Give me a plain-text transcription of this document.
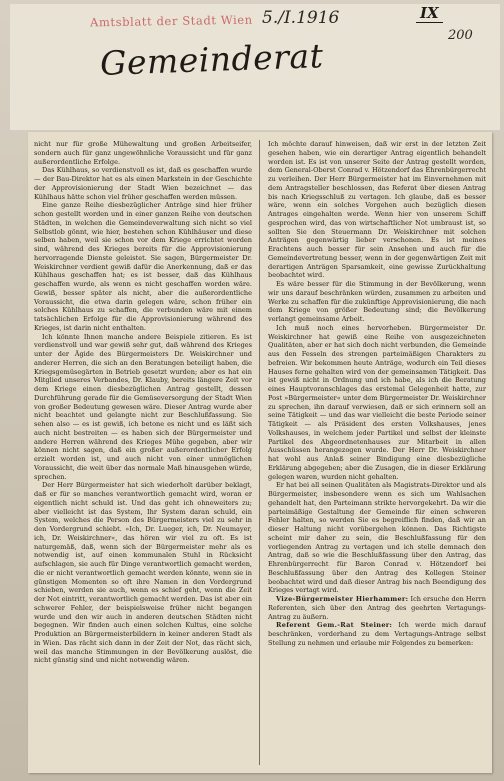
Amtsblatt der Stadt Wien 5./I.1916	IX
200
Gemeinderat

nicht nur für große Mühewaltung und großen Arbeitseifer, sondern auch für ganz ungewöhnliche Voraussicht und für ganz außerordentliche Erfolge.

Das Kühlhaus, so verdienstvoll es ist, daß es geschaffen wurde — der Bau-Direktor hat es als einen Markstein in der Geschichte der Approvisionierung der Stadt Wien bezeichnet — das Kühlhaus hätte schon viel früher geschaffen werden müssen.

Eine ganze Reihe diesbezüglicher Anträge sind hier früher schon gestellt worden und in einer ganzen Reihe von deutschen Städten, in welchen die Gemeindeverwaltung sich nicht so viel Selbstlob gönnt, wie hier, bestehen schon Kühlhäuser und diese selben haben, weil sie schon vor dem Kriege errichtet worden sind, während des Krieges bereits für die Approvisionierung hervorragende Dienste geleistet. Sie sagen, Bürgermeister Dr. Weiskirchner verdient gewiß dafür die Anerkennung, daß er das Kühlhaus geschaffen hat; es ist besser, daß das Kühlhaus geschaffen wurde, als wenn es nicht geschaffen worden wäre. Gewiß, besser später als nicht, aber die außerordentliche Voraussicht, die etwa darin gelegen wäre, schon früher ein solches Kühlhaus zu schaffen, die verbunden wäre mit einem tatsächlichen Erfolge für die Approvisionierung während des Krieges, ist darin nicht enthalten.

Ich könnte Ihnen manche andere Beispiele zitieren. Es ist verdienstvoll und war gewiß sehr gut, daß während des Krieges unter der Ägide des Bürgermeisters Dr. Weiskirchner und anderer Herren, die sich an den Beratungen beteiligt haben, die Kriegsgemüsegärten in Betrieb gesetzt wurden; aber es hat ein Mitglied unseres Verbandes, Dr. Klauby, bereits längere Zeit vor dem Kriege einen diesbezüglichen Antrag gestellt, dessen Durchführung gerade für die Gemüseversorgung der Stadt Wien von großer Bedeutung gewesen wäre. Dieser Antrag wurde aber nicht beachtet und gelangte nicht zur Beschlußfassung. Sie sehen also — es ist gewiß, ich betone es nicht und es läßt sich auch nicht bestreiten — es haben sich der Bürgermeister und andere Herren während des Krieges Mühe gegeben, aber wir können nicht sagen, daß ein großer außerordentlicher Erfolg erzielt worden ist, und auch nicht von einer unmöglichen Voraussicht, die weit über das normale Maß hinausgehen würde, sprechen.

Der Herr Bürgermeister hat sich wiederholt darüber beklagt, daß er für so manches verantwortlich gemacht wird, woran er eigentlich nicht schuld ist. Und das geht ich ohneweiters zu; aber vielleicht ist das System, Ihr System daran schuld, ein System, welches die Person des Bürgermeisters viel zu sehr in den Vordergrund schiebt. »Ich, Dr. Lueger, ich, Dr. Neumayer, ich, Dr. Weiskirchner«, das hören wir viel zu oft. Es ist naturgemäß, daß, wenn sich der Bürgermeister mehr als es notwendig ist, auf einen kommunalen Stuhl in Rücksicht aufschlagen, sie auch für Dinge verantwortlich gemacht werden, die er nicht verantwortlich gemacht werden könnte, wenn sie in günstigen Momenten so oft ihre Namen in den Vordergrund schieben, werden sie auch, wenn es schief geht, wenn die Zeit der Not eintritt, verantwortlich gemacht werden. Das ist aber ein schwerer Fehler, der beispielsweise früher nicht begangen wurde und den wir auch in anderen deutschen Städten nicht begegnen. Wir finden auch einen solchen Kultus, eine solche Produktion an Bürgermeisterbildern in keiner anderen Stadt als in Wien. Das rächt sich dann in der Zeit der Not, das rächt sich, weil das manche Stimmungen in der Bevölkerung auslöst, die nicht günstig sind und nicht notwendig wären.

Ich möchte darauf hinweisen, daß wir erst in der letzten Zeit gesehen haben, wie ein derartiger Antrag eigentlich behandelt worden ist. Es ist von unserer Seite der Antrag gestellt worden, dem General-Oberst Conrad v. Hötzendorf das Ehrenbürgerrecht zu verleihen. Der Herr Bürgermeister hat im Einvernehmen mit dem Antragsteller beschlossen, das Referat über diesen Antrag bis nach Kriegsschluß zu vertagen. Ich glaube, daß es besser wäre, wenn ein solches Vorgehen auch bezüglich diesen Antrages eingehalten werde. Wenn hier von unserem Schiff gesprochen wird, das von wirtschaftlicher Not umbraust ist, so sollten Sie den Steuermann Dr. Weiskirchner mit solchen Anträgen gegenwärtig lieber verschonen. Es ist meines Erachtens auch besser für sein Ansehen und auch für die Gemeindevertretung besser, wenn in der gegenwärtigen Zeit mit derartigen Anträgen Sparsamkeit, eine gewisse Zurückhaltung beobachtet wird.

Es wäre besser für die Stimmung in der Bevölkerung, wenn wir uns darauf beschränken würden, zusammen zu arbeiten und Werke zu schaffen für die zukünftige Approvisionierung, die nach dem Kriege von größer Bedeutung sind; die Bevölkerung verlangt gemeinsame Arbeit.

Ich muß noch eines hervorheben. Bürgermeister Dr. Weiskirchner hat gewiß eine Reihe von ausgezeichneten Qualitäten, aber er hat sich doch nicht verbunden, die Gemeinde aus den Fesseln des strengen parteimäßigen Charakters zu befreien. Wir bekommen heute Anträge, wodurch ein Teil dieses Hauses ferne gehalten wird von der gemeinsamen Tätigkeit. Das ist gewiß nicht in Ordnung und ich habe, als ich die Beratung eines Hauptvoranschlages das erstemal Gelegenheit hatte, zur Post »Bürgermeister« unter dem Bürgermeister Dr. Weiskirchner zu sprechen, ihn darauf verwiesen, daß er sich erinnern soll an seine Tätigkeit — und das war vielleicht die beste Periode seiner Tätigkeit — als Präsident des ersten Volkshauses, jenes Volkshauses, in welchem jeder Partikel und selbst der kleinste Partikel des Abgeordnetenhauses zur Mitarbeit in allen Ausschüssen herangezogen wurde. Der Herr Dr. Weiskirchner hat wohl aus Anlaß seiner Bindigung eine diesbezügliche Erklärung abgegeben; aber die Zusagen, die in dieser Erklärung gelegen waren, wurden nicht gehalten.

Er hat bei all seinen Qualitäten als Magistrats-Direktor und als Bürgermeister, insbesondere wenn es sich um Wahlsachen gehandelt hat, den Parteimann strikte hervorgekehrt. Da wir die parteimäßige Gestaltung der Gemeinde für einen schweren Fehler halten, so werden Sie es begreiflich finden, daß wir an dieser Haltung nicht vorübergehen können. Das Richtigste scheint mir daher zu sein, die Beschlußfassung für den vorliegenden Antrag zu vertagen und ich stelle demnach den Antrag, daß so wie die Beschlußfassung über den Antrag, das Ehrenbürgerrecht für Baron Conrad v. Hötzendorf bei Beschlußfassung über den Antrag des Kollegen Steiner beobachtet wird und daß dieser Antrag bis nach Beendigung des Krieges vertagt wird.

Vize-Bürgermeister Hierhammer: Ich ersuche den Herrn Referenten, sich über den Antrag des geehrten Vertagungs-Antrag zu äußern.

Referent Gem.-Rat Steiner: Ich werde mich darauf beschränken, vorderhand zu dem Vertagungs-Antrage selbst Stellung zu nehmen und erlaube mir Folgendes zu bemerken:
